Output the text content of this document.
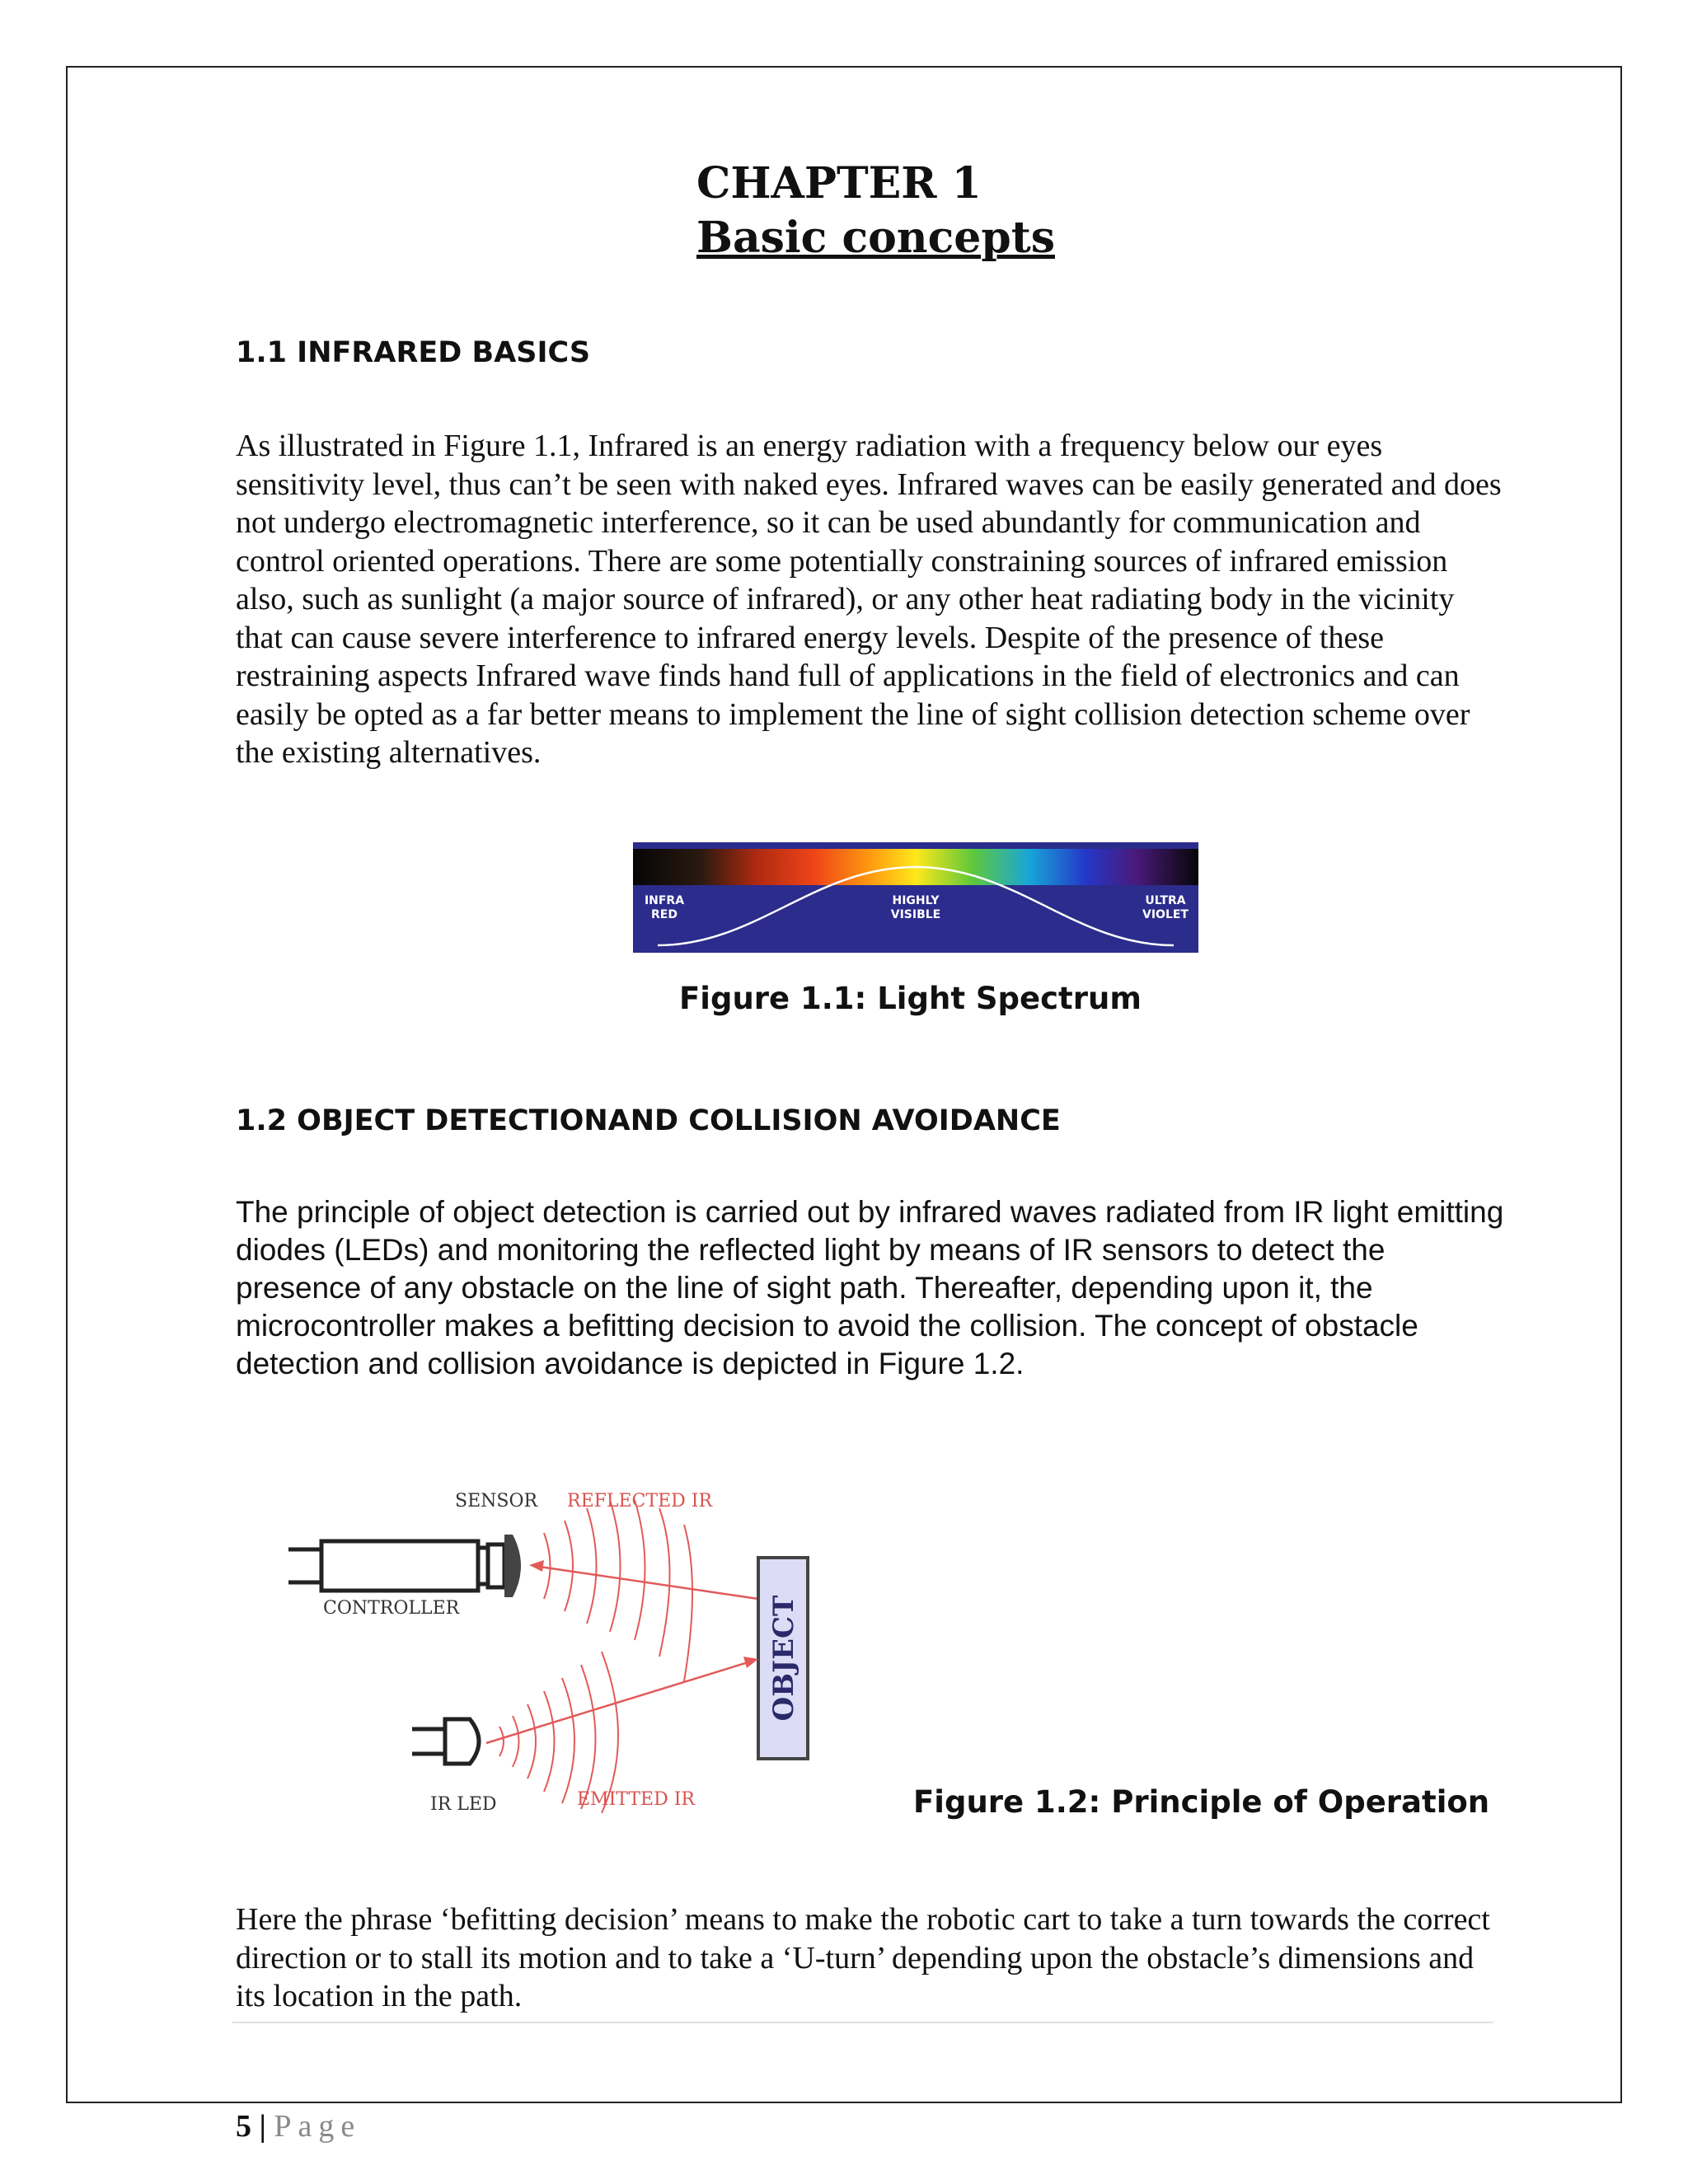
CHAPTER 1
Basic concepts
1.1 INFRARED BASICS
As illustrated in Figure 1.1, Infrared is an energy radiation with a frequency below our eyes sensitivity level, thus can’t be seen with naked eyes. Infrared waves can be easily generated and does not undergo electromagnetic interference, so it can be used abundantly for communication and control oriented operations. There are some potentially constraining sources of infrared emission also, such as sunlight (a major source of infrared), or any other heat radiating body in the vicinity that can cause severe interference to infrared energy levels. Despite of the presence of these restraining aspects Infrared wave finds hand full of applications in the field of electronics and can easily be opted as a far better means to implement the line of sight collision detection scheme over the existing alternatives.
INFRA
RED
HIGHLY
VISIBLE
ULTRA
VIOLET
Figure 1.1: Light Spectrum
1.2 OBJECT DETECTIONAND COLLISION AVOIDANCE
The principle of object detection is carried out by infrared waves radiated from IR light emitting diodes (LEDs) and monitoring the reflected light by means of IR sensors to detect the presence of any obstacle on the line of sight path. Thereafter, depending upon it, the microcontroller makes a befitting decision to avoid the collision. The concept of obstacle detection and collision avoidance is depicted in Figure 1.2.
SENSOR REFLECTED IR
CONTROLLER	OBJECT
IR LED	EMITTED IR	Figure 1.2: Principle of Operation
Here the phrase ‘befitting decision’ means to make the robotic cart to take a turn towards the correct direction or to stall its motion and to take a ‘U-turn’ depending upon the obstacle’s dimensions and its location in the path.
5 | Page
